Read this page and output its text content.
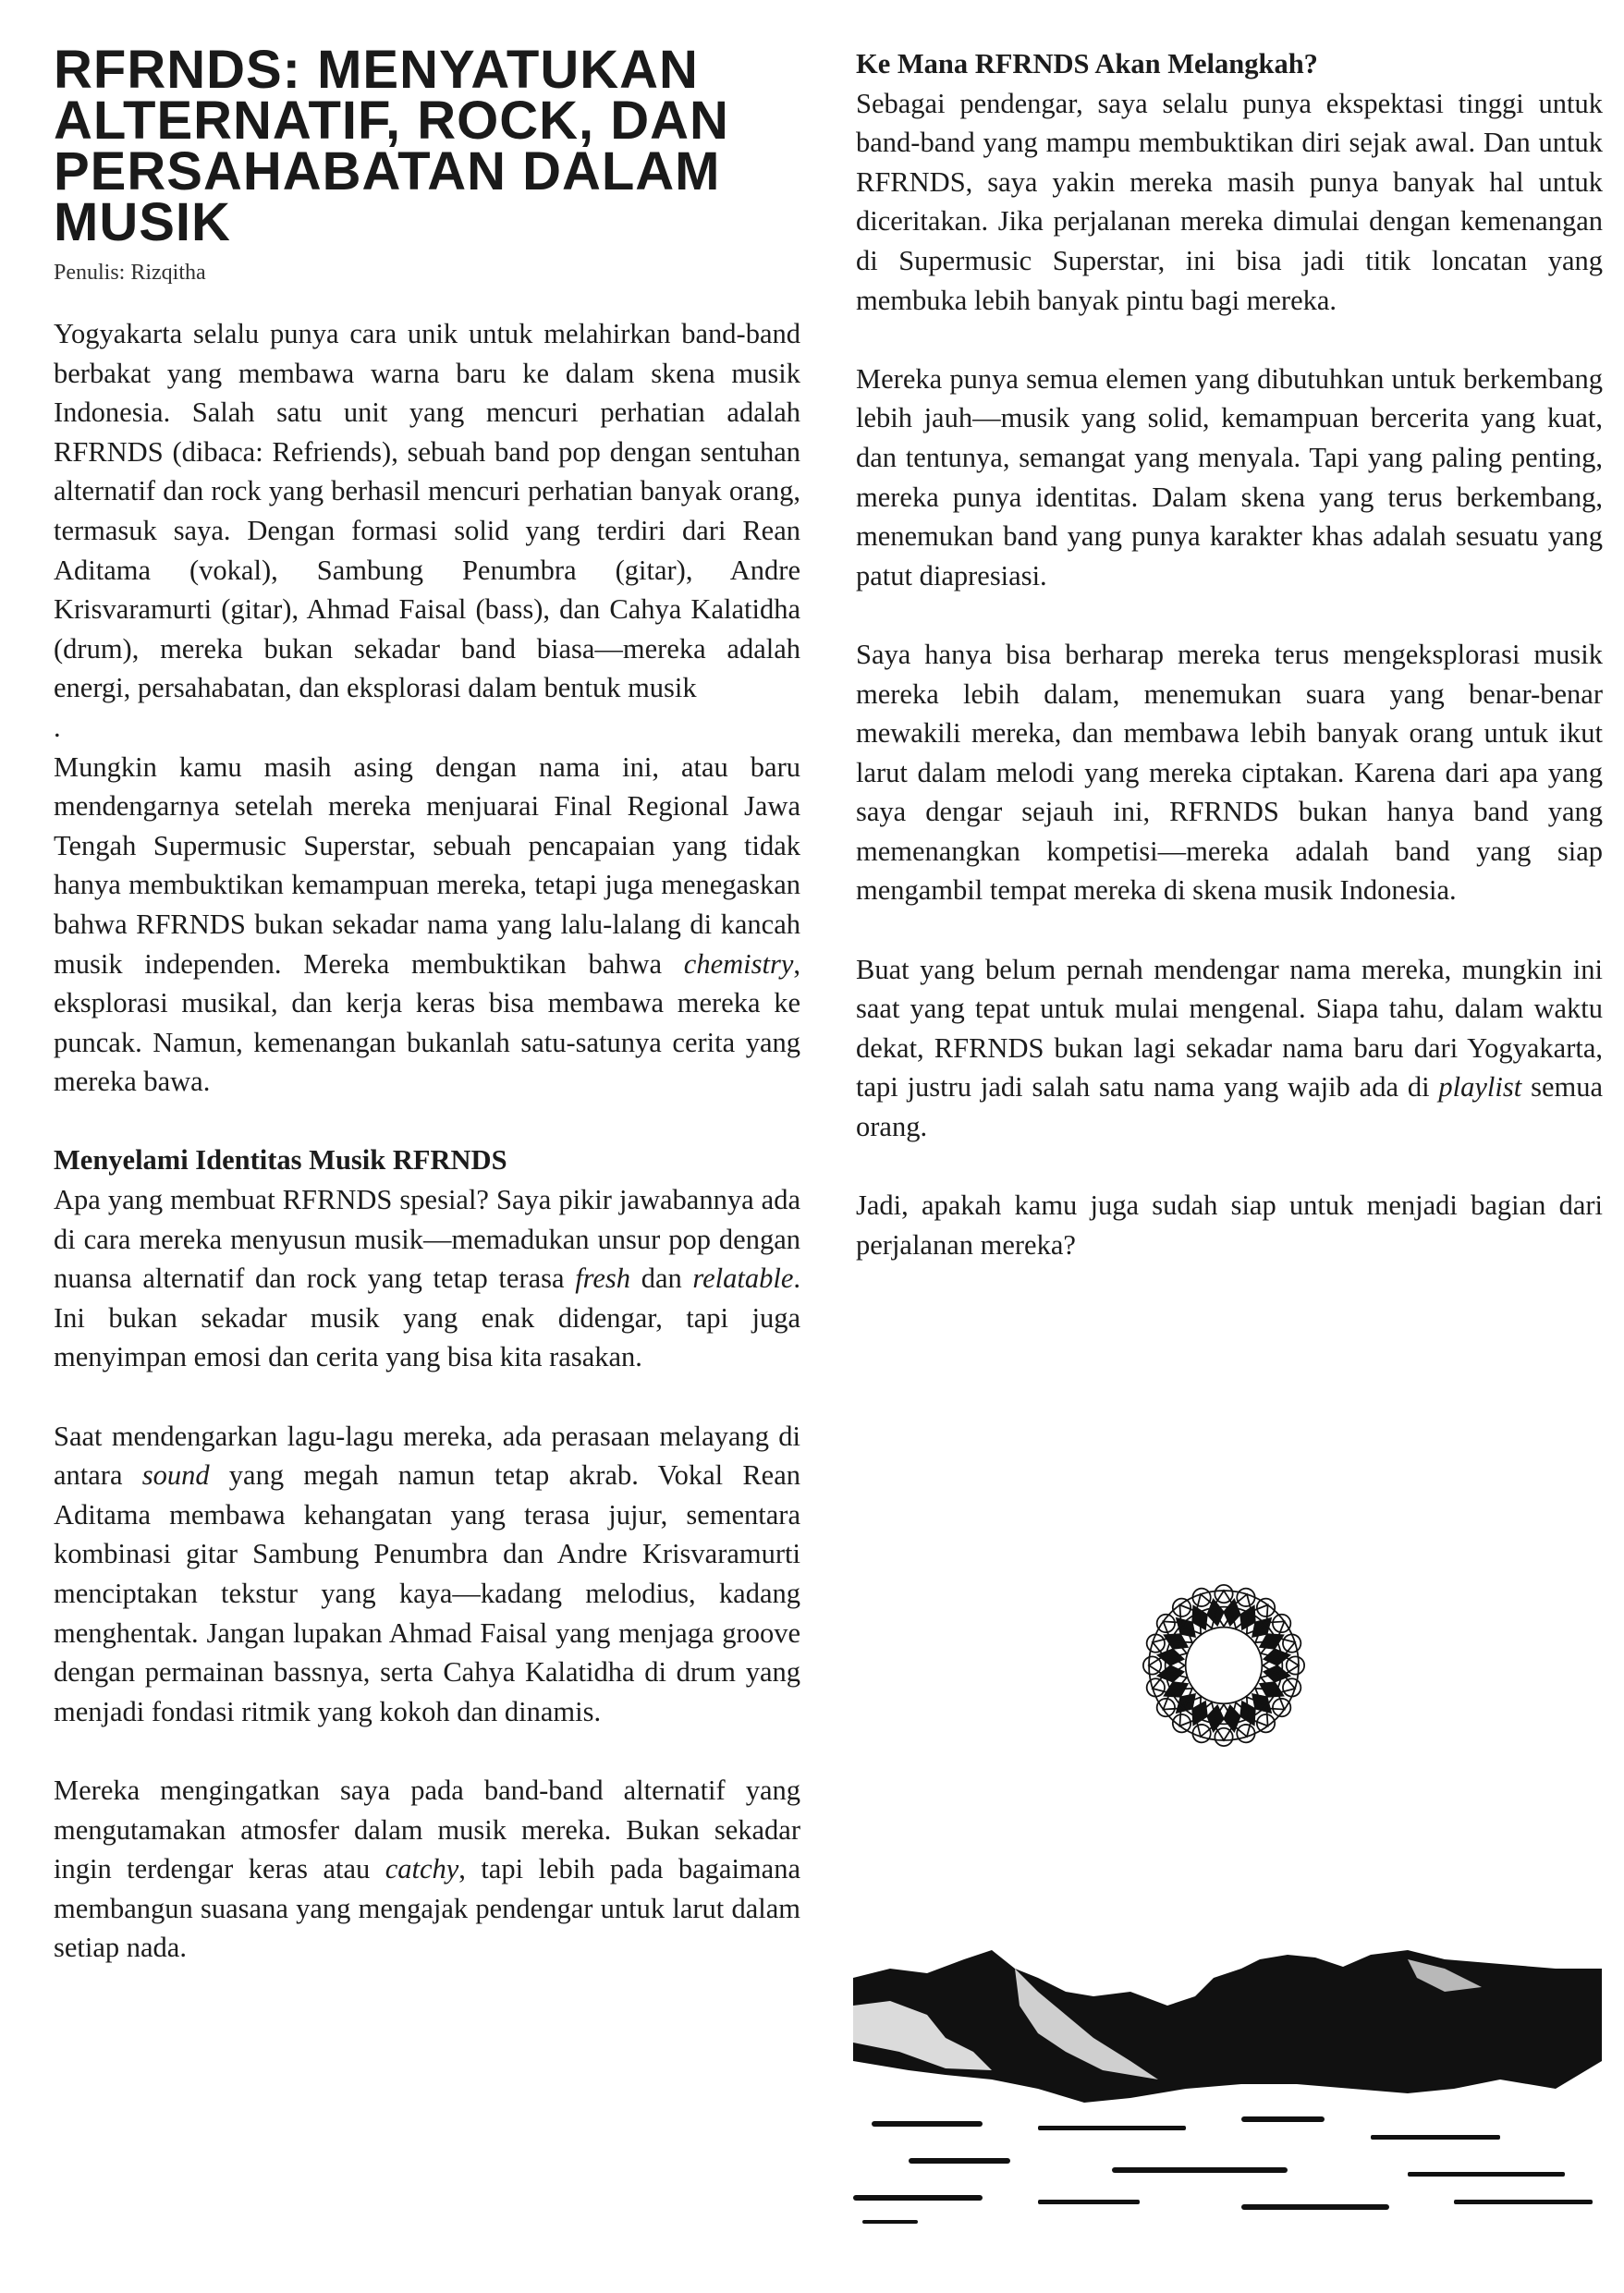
RFRNDS: MENYATUKAN ALTERNATIF, ROCK, DAN PERSAHABATAN DALAM MUSIK
Penulis: Rizqitha

Yogyakarta selalu punya cara unik untuk melahirkan band-band berbakat yang membawa warna baru ke dalam skena musik Indonesia. Salah satu unit yang mencuri perhatian adalah RFRNDS (dibaca: Refriends), sebuah band pop dengan sentuhan alternatif dan rock yang berhasil mencuri perhatian banyak orang, termasuk saya. Dengan formasi solid yang terdiri dari Rean Aditama (vokal), Sambung Penumbra (gitar), Andre Krisvaramurti (gitar), Ahmad Faisal (bass), dan Cahya Kalatidha (drum), mereka bukan sekadar band biasa—mereka adalah energi, persahabatan, dan eksplorasi dalam bentuk musik

.

Mungkin kamu masih asing dengan nama ini, atau baru mendengarnya setelah mereka menjuarai Final Regional Jawa Tengah Supermusic Superstar, sebuah pencapaian yang tidak hanya membuktikan kemampuan mereka, tetapi juga menegaskan bahwa RFRNDS bukan sekadar nama yang lalu-lalang di kancah musik independen. Mereka membuktikan bahwa chemistry, eksplorasi musikal, dan kerja keras bisa membawa mereka ke puncak. Namun, kemenangan bukanlah satu-satunya cerita yang mereka bawa.

Menyelami Identitas Musik RFRNDS

Apa yang membuat RFRNDS spesial? Saya pikir jawabannya ada di cara mereka menyusun musik—memadukan unsur pop dengan nuansa alternatif dan rock yang tetap terasa fresh dan relatable. Ini bukan sekadar musik yang enak didengar, tapi juga menyimpan emosi dan cerita yang bisa kita rasakan.

Saat mendengarkan lagu-lagu mereka, ada perasaan melayang di antara sound yang megah namun tetap akrab. Vokal Rean Aditama membawa kehangatan yang terasa jujur, sementara kombinasi gitar Sambung Penumbra dan Andre Krisvaramurti menciptakan tekstur yang kaya—kadang melodius, kadang menghentak. Jangan lupakan Ahmad Faisal yang menjaga groove dengan permainan bassnya, serta Cahya Kalatidha di drum yang menjadi fondasi ritmik yang kokoh dan dinamis.

Mereka mengingatkan saya pada band-band alternatif yang mengutamakan atmosfer dalam musik mereka. Bukan sekadar ingin terdengar keras atau catchy, tapi lebih pada bagaimana membangun suasana yang mengajak pendengar untuk larut dalam setiap nada.

Ke Mana RFRNDS Akan Melangkah?

Sebagai pendengar, saya selalu punya ekspektasi tinggi untuk band-band yang mampu membuktikan diri sejak awal. Dan untuk RFRNDS, saya yakin mereka masih punya banyak hal untuk diceritakan. Jika perjalanan mereka dimulai dengan kemenangan di Supermusic Superstar, ini bisa jadi titik loncatan yang membuka lebih banyak pintu bagi mereka.

Mereka punya semua elemen yang dibutuhkan untuk berkembang lebih jauh—musik yang solid, kemampuan bercerita yang kuat, dan tentunya, semangat yang menyala. Tapi yang paling penting, mereka punya identitas. Dalam skena yang terus berkembang, menemukan band yang punya karakter khas adalah sesuatu yang patut diapresiasi.

Saya hanya bisa berharap mereka terus mengeksplorasi musik mereka lebih dalam, menemukan suara yang benar-benar mewakili mereka, dan membawa lebih banyak orang untuk ikut larut dalam melodi yang mereka ciptakan. Karena dari apa yang saya dengar sejauh ini, RFRNDS bukan hanya band yang memenangkan kompetisi—mereka adalah band yang siap mengambil tempat mereka di skena musik Indonesia.

Buat yang belum pernah mendengar nama mereka, mungkin ini saat yang tepat untuk mulai mengenal. Siapa tahu, dalam waktu dekat, RFRNDS bukan lagi sekadar nama baru dari Yogyakarta, tapi justru jadi salah satu nama yang wajib ada di playlist semua orang.

Jadi, apakah kamu juga sudah siap untuk menjadi bagian dari perjalanan mereka?
